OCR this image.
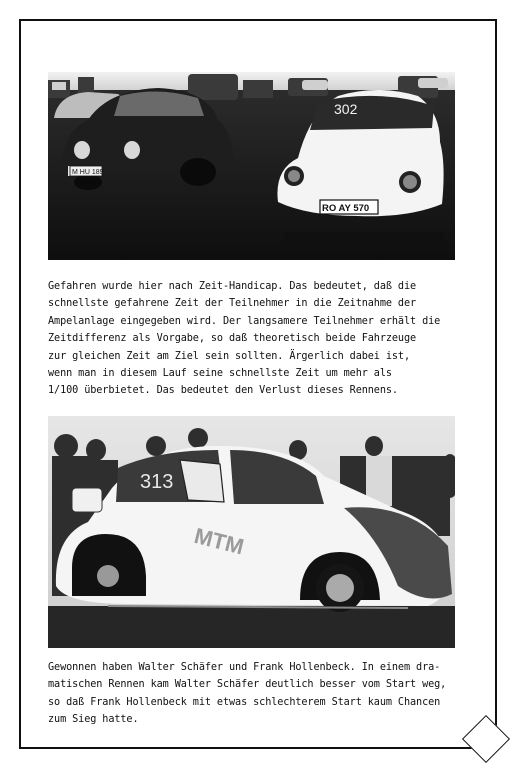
M HU 189
RO AY 570
302

Gefahren wurde hier nach Zeit-Handicap. Das bedeutet, daß die
schnellste gefahrene Zeit der Teilnehmer in die Zeitnahme der
Ampelanlage eingegeben wird. Der langsamere Teilnehmer erhält die
Zeitdifferenz als Vorgabe, so daß theoretisch beide Fahrzeuge
zur gleichen Zeit am Ziel sein sollten. Ärgerlich dabei ist,
wenn man in diesem Lauf seine schnellste Zeit um mehr als
1/100 überbietet. Das bedeutet den Verlust dieses Rennens.

313
MTM

Gewonnen haben Walter Schäfer und Frank Hollenbeck. In einem dra-
matischen Rennen kam Walter Schäfer deutlich besser vom Start weg,
so daß Frank Hollenbeck mit etwas schlechterem Start kaum Chancen
zum Sieg hatte.
